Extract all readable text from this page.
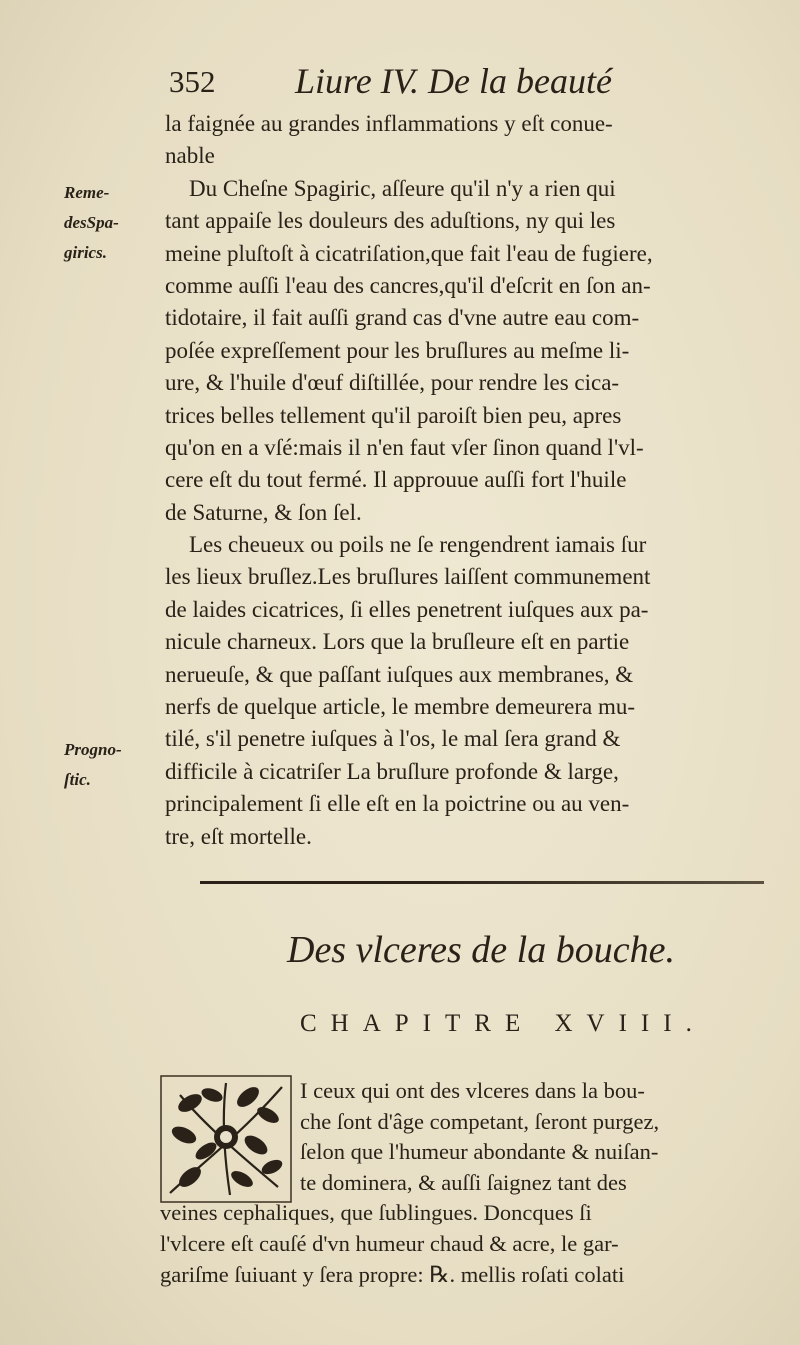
352 Liure IV. De la beauté
Reme-
desSpa-
girics.
Progno-
ſtic.
la faignée au grandes inflammations y eſt conue-
nable
Du Cheſne Spagiric, aſſeure qu'il n'y a rien qui
tant appaiſe les douleurs des aduſtions, ny qui les
meine pluſtoſt à cicatriſation,que fait l'eau de fugiere,
comme auſſi l'eau des cancres,qu'il d'eſcrit en ſon an-
tidotaire, il fait auſſi grand cas d'vne autre eau com-
poſée expreſſement pour les bruſlures au meſme li-
ure, & l'huile d'œuf diſtillée, pour rendre les cica-
trices belles tellement qu'il paroiſt bien peu, apres
qu'on en a vſé:mais il n'en faut vſer ſinon quand l'vl-
cere eſt du tout fermé. Il approuue auſſi fort l'huile
de Saturne, & ſon ſel.
Les cheueux ou poils ne ſe rengendrent iamais ſur
les lieux bruſlez.Les bruſlures laiſſent communement
de laides cicatrices, ſi elles penetrent iuſques aux pa-
nicule charneux. Lors que la bruſleure eſt en partie
nerueuſe, & que paſſant iuſques aux membranes, &
nerfs de quelque article, le membre demeurera mu-
tilé, s'il penetre iuſques à l'os, le mal ſera grand &
difficile à cicatriſer La bruſlure profonde & large,
principalement ſi elle eſt en la poictrine ou au ven-
tre, eſt mortelle.
Des vlceres de la bouche.
CHAPITRE XVIII.
I ceux qui ont des vlceres dans la bou-
che ſont d'âge competant, ſeront purgez,
ſelon que l'humeur abondante & nuiſan-
te dominera, & auſſi ſaignez tant des
veines cephaliques, que ſublingues. Doncques ſi
l'vlcere eſt cauſé d'vn humeur chaud & acre, le gar-
gariſme ſuiuant y ſera propre: ℞. mellis roſati colati
